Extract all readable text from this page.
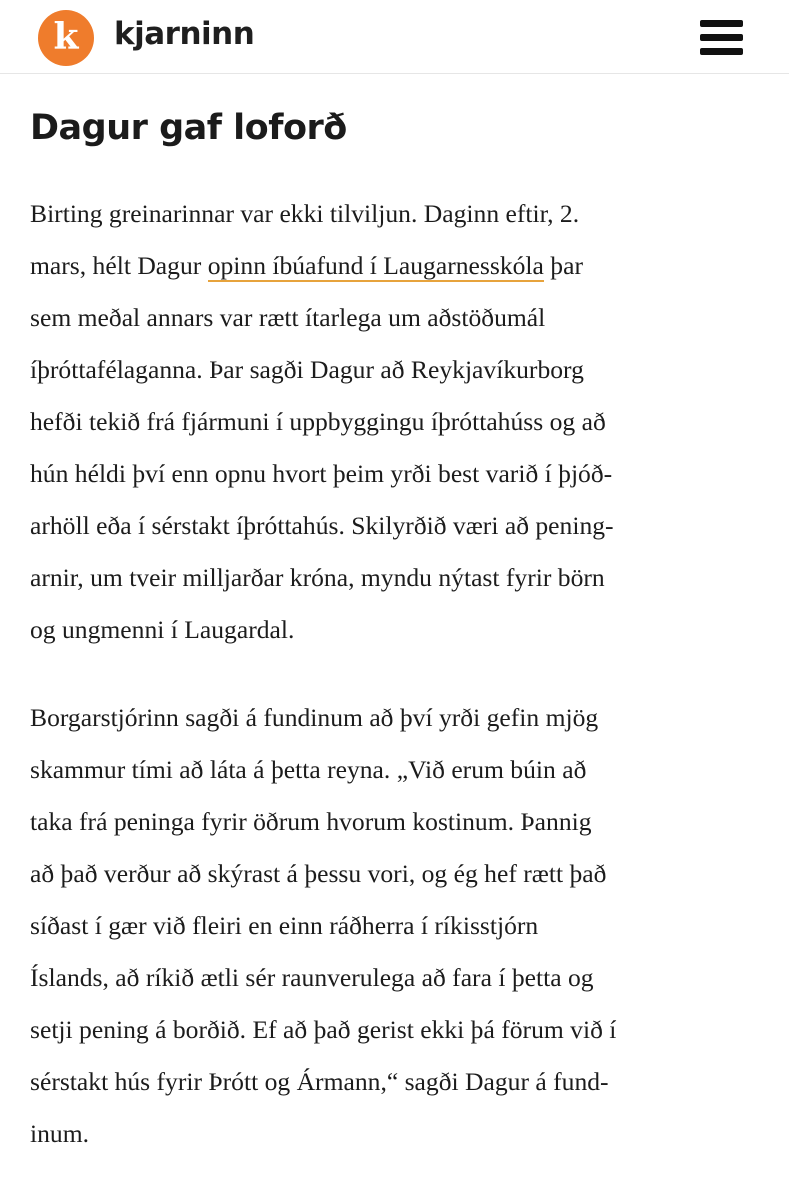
k	kjarninn
Dagur gaf loforð

Birting greinarinnar var ekki tilviljun. Daginn eftir, 2.
mars, hélt Dagur opinn íbúafund í Laugarnesskóla þar
sem meðal annars var rætt ítarlega um aðstöðumál
íþróttafélaganna. Þar sagði Dagur að Reykjavíkurborg
hefði tekið frá fjármuni í uppbyggingu íþróttahúss og að
hún héldi því enn opnu hvort þeim yrði best varið í þjóð-
arhöll eða í sérstakt íþróttahús. Skilyrðið væri að pening-
arnir, um tveir milljarðar króna, myndu nýtast fyrir börn
og ungmenni í Laugardal.

Borgarstjórinn sagði á fundinum að því yrði gefin mjög
skammur tími að láta á þetta reyna. „Við erum búin að
taka frá peninga fyrir öðrum hvorum kostinum. Þannig
að það verður að skýrast á þessu vori, og ég hef rætt það
síðast í gær við fleiri en einn ráðherra í ríkisstjórn
Íslands, að ríkið ætli sér raunverulega að fara í þetta og
setji pening á borðið. Ef að það gerist ekki þá förum við í
sérstakt hús fyrir Þrótt og Ármann,“ sagði Dagur á fund-
inum.
